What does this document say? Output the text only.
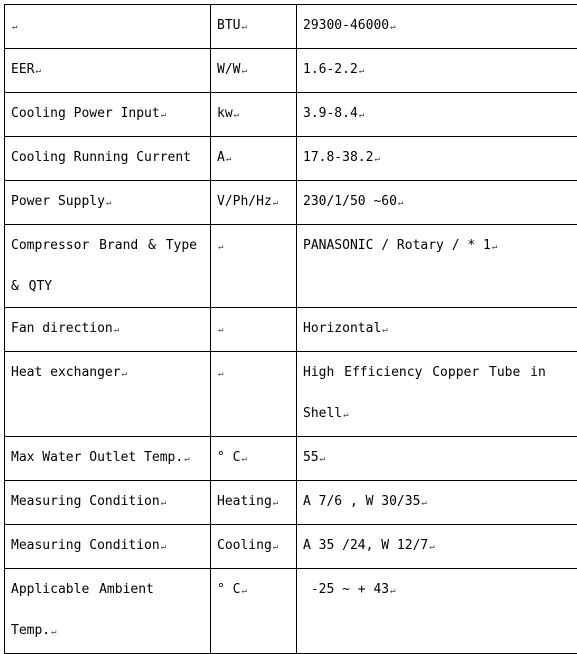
↵	BTU↵	29300-46000↵
EER↵	W/W↵	1.6-2.2↵
Cooling Power Input↵	kw↵	3.9-8.4↵
Cooling Running Current	A↵	17.8-38.2↵
Power Supply↵	V/Ph/Hz↵	230/1/50 ~60↵
Compressor Brand & Type & QTY	↵	PANASONIC / Rotary / * 1↵
Fan direction↵	↵	Horizontal↵
Heat exchanger↵	↵	High Efficiency Copper Tube in Shell↵
Max Water Outlet Temp.↵	° C↵	55↵
Measuring Condition↵	Heating↵	A 7/6 , W 30/35↵
Measuring Condition↵	Cooling↵	A 35 /24, W 12/7↵
Applicable Ambient Temp.↵	° C↵	-25 ~ + 43↵
